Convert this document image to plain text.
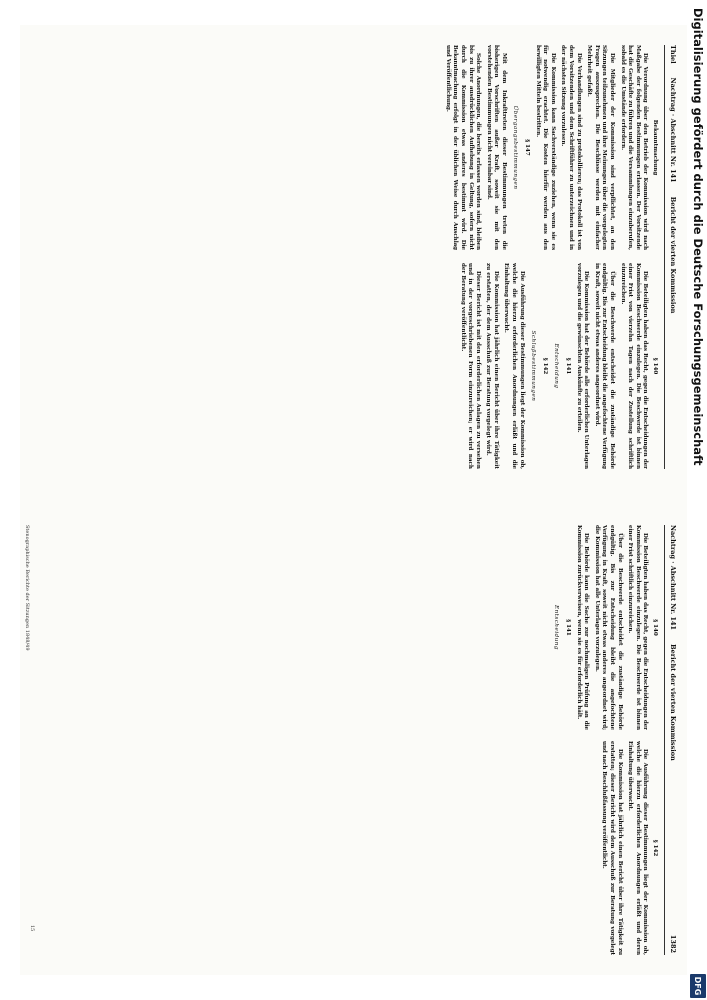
Thiel
Nachtrag · Abschnitt Nr. 141
Bericht der vierten Kommission
Nachtrag · Abschnitt Nr. 141
Bericht der vierten Kommission
1382
Bekanntmachung

Die Verordnung über den Betrieb der Kommission wird nach Maßgabe der folgenden Bestimmungen erlassen. Der Vorsitzende hat die Geschäfte zu führen und die Versammlungen einzuberufen, sobald es die Umstände erfordern.

Die Mitglieder der Kommission sind verpflichtet, an den Sitzungen teilzunehmen und ihre Meinungen über die vorgelegten Fragen auszusprechen. Die Beschlüsse werden mit einfacher Mehrheit gefaßt.

Die Verhandlungen sind zu protokollieren; das Protokoll ist von dem Vorsitzenden und dem Schriftführer zu unterzeichnen und in der nächsten Sitzung vorzulesen.

Die Kommission kann Sachverständige zuziehen, wenn sie es für notwendig erachtet. Die Kosten hierfür werden aus den bewilligten Mitteln bestritten.

§ 147
Übergangsbestimmungen

Mit dem Inkrafttreten dieser Bestimmungen treten die bisherigen Vorschriften außer Kraft, soweit sie mit den vorstehenden Bestimmungen nicht vereinbar sind.

Solche Anordnungen, die bereits erlassen worden sind, bleiben bis zu ihrer ausdrücklichen Aufhebung in Geltung, sofern nicht durch die Kommission etwas anderes bestimmt wird. Die Bekanntmachung erfolgt in der üblichen Weise durch Anschlag und Veröffentlichung.

§ 140

Die Beteiligten haben das Recht, gegen die Entscheidungen der Kommission Beschwerde einzulegen. Die Beschwerde ist binnen einer Frist von vierzehn Tagen nach der Zustellung schriftlich einzureichen.

Über die Beschwerde entscheidet die zuständige Behörde endgültig. Bis zur Entscheidung bleibt die angefochtene Verfügung in Kraft, soweit nicht etwas anderes angeordnet wird.

Die Kommission hat der Behörde alle erforderlichen Unterlagen vorzulegen und die gewünschten Auskünfte zu erteilen.

§ 141
Entscheidung
§ 142
Schlußbestimmungen

Die Ausführung dieser Bestimmungen liegt der Kommission ob, welche die hierzu erforderlichen Anordnungen erläßt und die Einhaltung überwacht.

Die Kommission hat jährlich einen Bericht über ihre Tätigkeit zu erstatten, der dem Ausschuß zur Beratung vorgelegt wird.

Dieser Bericht ist mit den erforderlichen Anlagen zu versehen und in der vorgeschriebenen Form einzureichen; er wird nach der Beratung veröffentlicht.

§ 140

Die Beteiligten haben das Recht, gegen die Entscheidungen der Kommission Beschwerde einzulegen. Die Beschwerde ist binnen einer Frist schriftlich einzureichen.

Über die Beschwerde entscheidet die zuständige Behörde endgültig. Bis zur Entscheidung bleibt die angefochtene Verfügung in Kraft, soweit nicht etwas anderes angeordnet wird; die Kommission hat alle Unterlagen vorzulegen.

Die Behörde kann die Sache zur nochmaligen Prüfung an die Kommission zurückverweisen, wenn sie es für erforderlich hält.

§ 141
Entscheidung
§ 142

Die Ausführung dieser Bestimmungen liegt der Kommission ob, welche die hierzu erforderlichen Anordnungen erläßt und deren Einhaltung überwacht.

Die Kommission hat jährlich einen Bericht über ihre Tätigkeit zu erstatten; dieser Bericht wird dem Ausschuß zur Beratung vorgelegt und nach Beschlußfassung veröffentlicht.

Stenographische Berichte der Sitzungen 1848/49
15
Digitalisierung gefördert durch die Deutsche Forschungsgemeinschaft
DFG
